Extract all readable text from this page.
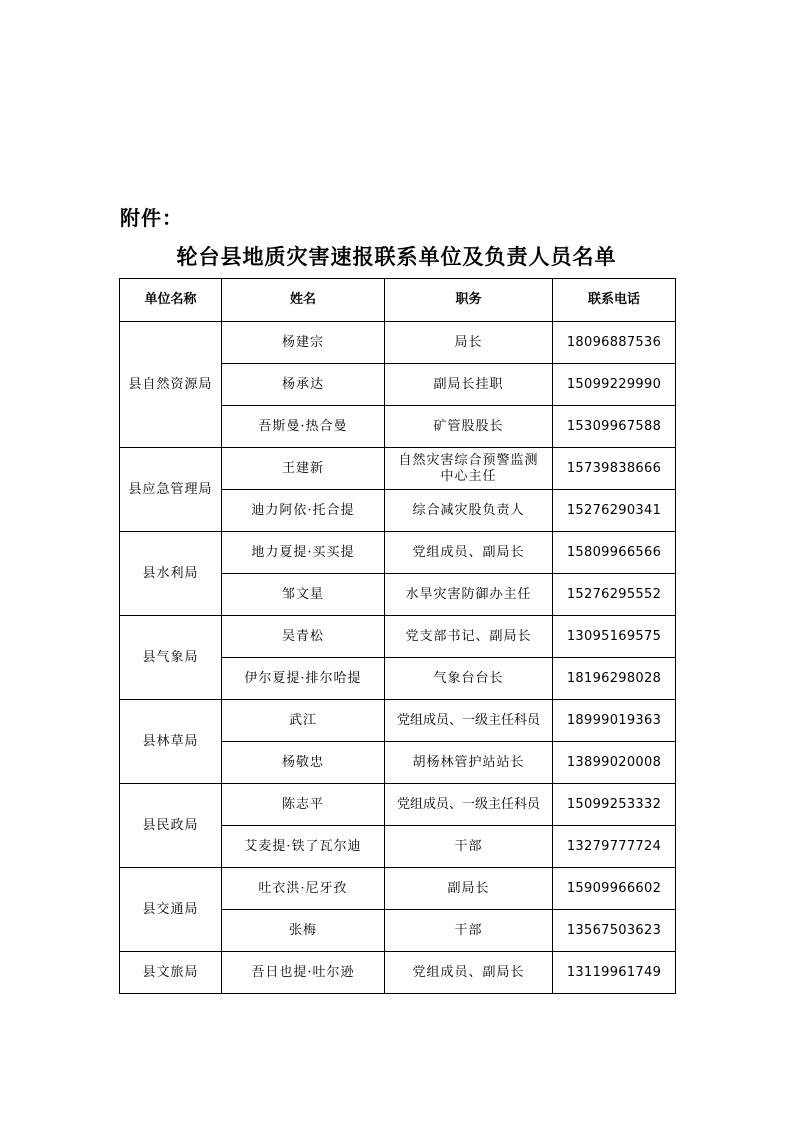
附件：
轮台县地质灾害速报联系单位及负责人员名单
单位名称	姓名	职务	联系电话
县自然资源局	杨建宗	局长	18096887536
	杨承达	副局长挂职	15099229990
	吾斯曼·热合曼	矿管股股长	15309967588
县应急管理局	王建新	自然灾害综合预警监测中心主任	15739838666
	迪力阿依·托合提	综合减灾股负责人	15276290341
县水利局	地力夏提·买买提	党组成员、副局长	15809966566
	邹文星	水旱灾害防御办主任	15276295552
县气象局	吴青松	党支部书记、副局长	13095169575
	伊尔夏提·排尔哈提	气象台台长	18196298028
县林草局	武江	党组成员、一级主任科员	18999019363
	杨敬忠	胡杨林管护站站长	13899020008
县民政局	陈志平	党组成员、一级主任科员	15099253332
	艾麦提·铁了瓦尔迪	干部	13279777724
县交通局	吐衣洪·尼牙孜	副局长	15909966602
	张梅	干部	13567503623
县文旅局	吾日也提·吐尔逊	党组成员、副局长	13119961749
